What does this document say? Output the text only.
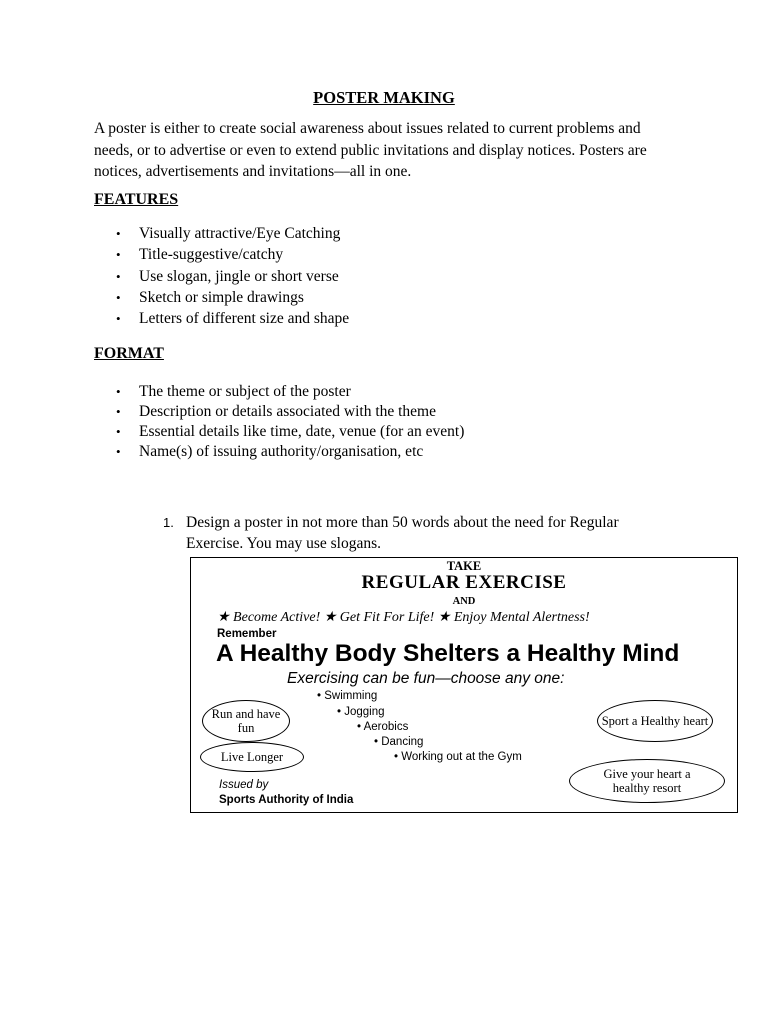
POSTER MAKING
A poster is either to create social awareness about issues related to current problems and needs, or to advertise or even to extend public invitations and display notices. Posters are notices, advertisements and invitations—all in one.
FEATURES
• Visually attractive/Eye Catching
• Title-suggestive/catchy
• Use slogan, jingle or short verse
• Sketch or simple drawings
• Letters of different size and shape
FORMAT
• The theme or subject of the poster
• Description or details associated with the theme
• Essential details like time, date, venue (for an event)
• Name(s) of issuing authority/organisation, etc
1. Design a poster in not more than 50 words about the need for Regular Exercise. You may use slogans.
TAKE
REGULAR EXERCISE
AND
★ Become Active! ★ Get Fit For Life! ★ Enjoy Mental Alertness!
Remember
A Healthy Body Shelters a Healthy Mind
Exercising can be fun—choose any one:
• Swimming
• Jogging
• Aerobics
• Dancing
• Working out at the Gym
Run and have fun
Live Longer
Sport a Healthy heart
Give your heart a healthy resort
Issued by
Sports Authority of India
